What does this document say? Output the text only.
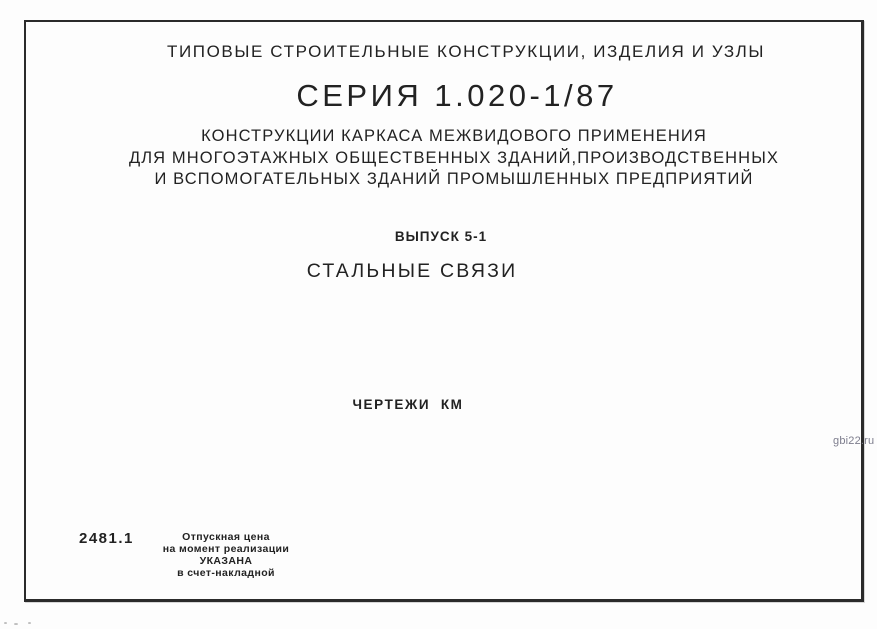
ТИПОВЫЕ СТРОИТЕЛЬНЫЕ КОНСТРУКЦИИ, ИЗДЕЛИЯ И УЗЛЫ
СЕРИЯ 1.020-1/87
КОНСТРУКЦИИ КАРКАСА МЕЖВИДОВОГО ПРИМЕНЕНИЯ
ДЛЯ МНОГОЭТАЖНЫХ ОБЩЕСТВЕННЫХ ЗДАНИЙ,ПРОИЗВОДСТВЕННЫХ
И ВСПОМОГАТЕЛЬНЫХ ЗДАНИЙ ПРОМЫШЛЕННЫХ ПРЕДПРИЯТИЙ
ВЫПУСК 5-1
СТАЛЬНЫЕ СВЯЗИ
ЧЕРТЕЖИ  КМ
2481.1	Отпускная цена
на момент реализации
УКАЗАНА
в счет-накладной
gbi22.ru
